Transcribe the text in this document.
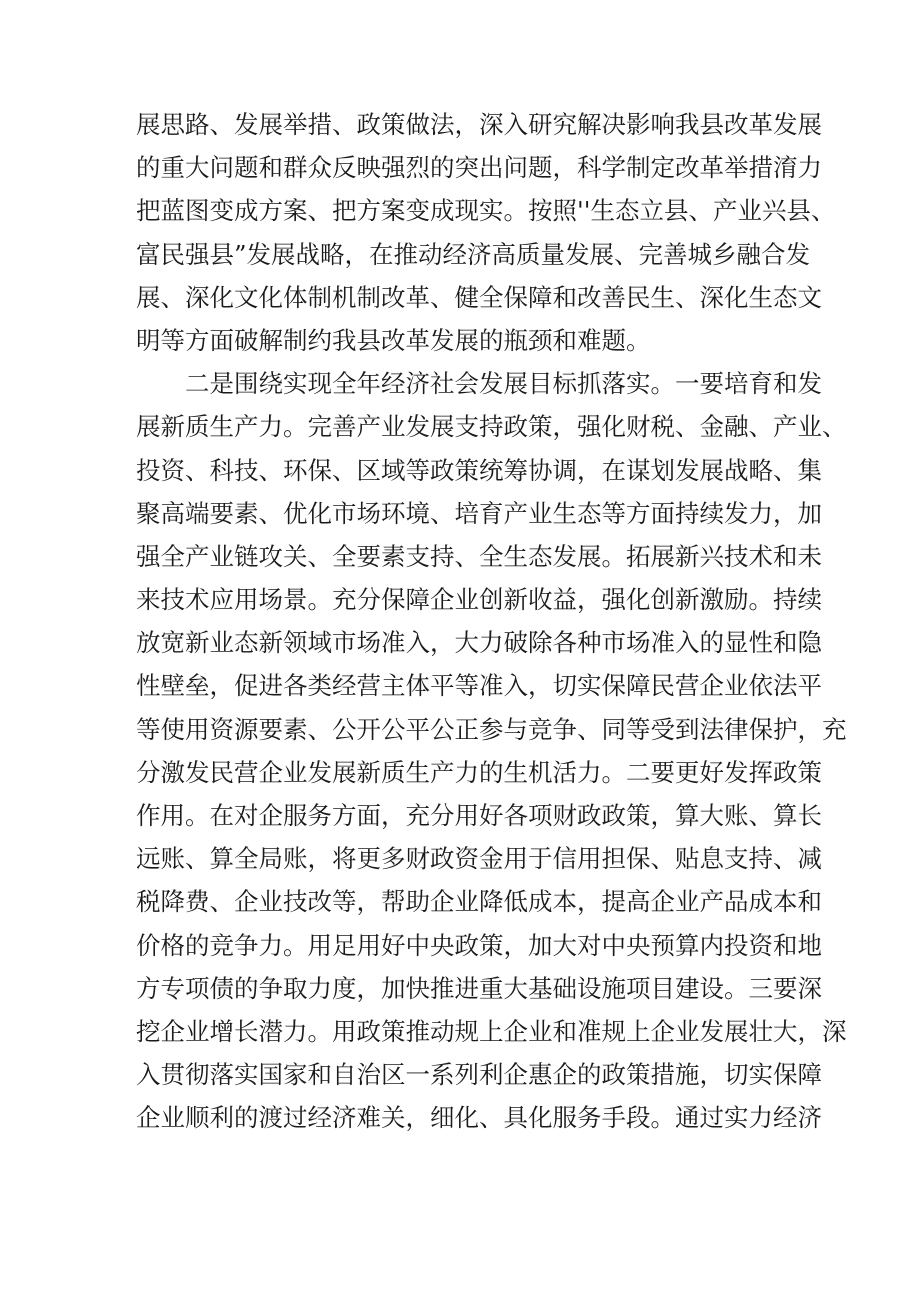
展思路、发展举措、政策做法，深入研究解决影响我县改革发展
的重大问题和群众反映强烈的突出问题，科学制定改革举措淯力
把蓝图变成方案、把方案变成现实。按照''生态立县、产业兴县、
富民强县”发展战略，在推动经济高质量发展、完善城乡融合发
展、深化文化体制机制改革、健全保障和改善民生、深化生态文
明等方面破解制约我县改革发展的瓶颈和难题。
　　二是围绕实现全年经济社会发展目标抓落实。一要培育和发
展新质生产力。完善产业发展支持政策，强化财税、金融、产业、
投资、科技、环保、区域等政策统筹协调，在谋划发展战略、集
聚高端要素、优化市场环境、培育产业生态等方面持续发力，加
强全产业链攻关、全要素支持、全生态发展。拓展新兴技术和未
来技术应用场景。充分保障企业创新收益，强化创新激励。持续
放宽新业态新领域市场准入，大力破除各种市场准入的显性和隐
性壁垒，促进各类经营主体平等准入，切实保障民营企业依法平
等使用资源要素、公开公平公正参与竞争、同等受到法律保护，充
分激发民营企业发展新质生产力的生机活力。二要更好发挥政策
作用。在对企服务方面，充分用好各项财政政策，算大账、算长
远账、算全局账，将更多财政资金用于信用担保、贴息支持、减
税降费、企业技改等，帮助企业降低成本，提高企业产品成本和
价格的竞争力。用足用好中央政策，加大对中央预算内投资和地
方专项债的争取力度，加快推进重大基础设施项目建设。三要深
挖企业增长潜力。用政策推动规上企业和准规上企业发展壮大，深
入贯彻落实国家和自治区一系列利企惠企的政策措施，切实保障
企业顺利的渡过经济难关，细化、具化服务手段。通过实力经济
